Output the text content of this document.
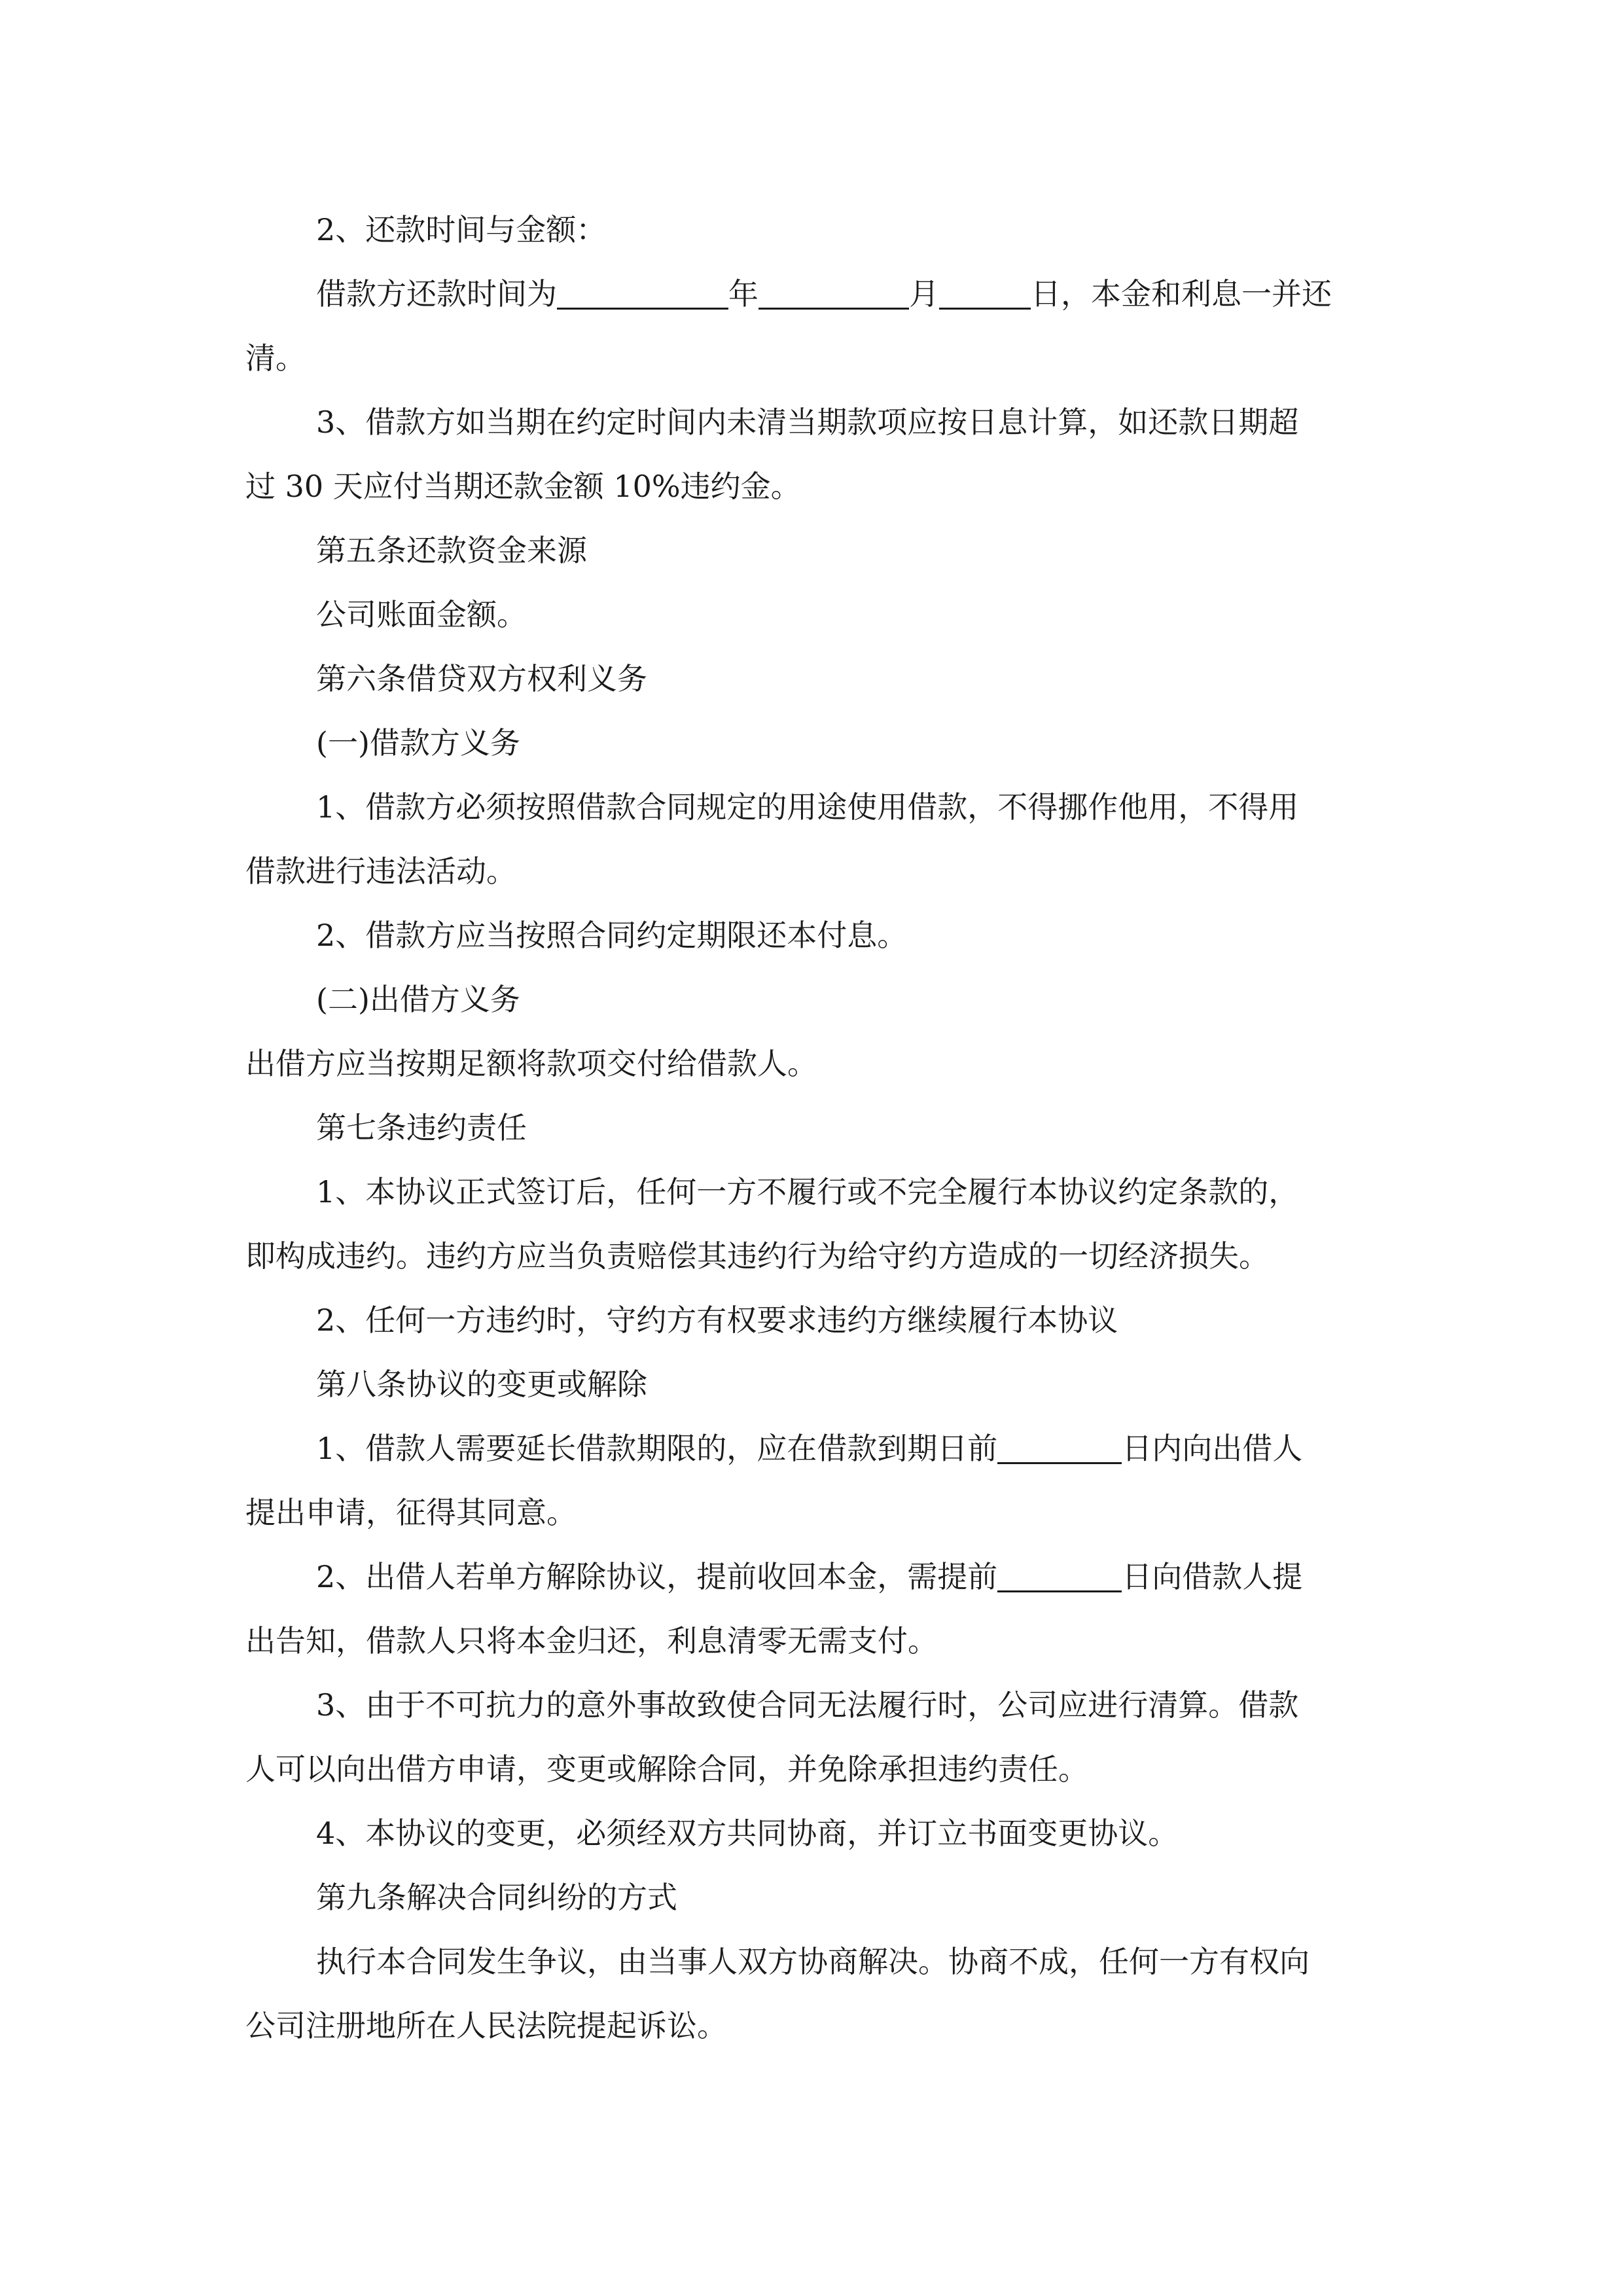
2、还款时间与金额：

借款方还款时间为	年	月	日，本金和利息一并还

清。

3、借款方如当期在约定时间内未清当期款项应按日息计算，如还款日期超

过 30 天应付当期还款金额 10%违约金。

第五条还款资金来源

公司账面金额。

第六条借贷双方权利义务

(一)借款方义务

1、借款方必须按照借款合同规定的用途使用借款，不得挪作他用，不得用

借款进行违法活动。

2、借款方应当按照合同约定期限还本付息。

(二)出借方义务

出借方应当按期足额将款项交付给借款人。

第七条违约责任

1、本协议正式签订后，任何一方不履行或不完全履行本协议约定条款的，

即构成违约。违约方应当负责赔偿其违约行为给守约方造成的一切经济损失。

2、任何一方违约时，守约方有权要求违约方继续履行本协议

第八条协议的变更或解除

1、借款人需要延长借款期限的，应在借款到期日前	日内向出借人

提出申请，征得其同意。

2、出借人若单方解除协议，提前收回本金，需提前	日向借款人提

出告知，借款人只将本金归还，利息清零无需支付。

3、由于不可抗力的意外事故致使合同无法履行时，公司应进行清算。借款

人可以向出借方申请，变更或解除合同，并免除承担违约责任。

4、本协议的变更，必须经双方共同协商，并订立书面变更协议。

第九条解决合同纠纷的方式

执行本合同发生争议，由当事人双方协商解决。协商不成，任何一方有权向

公司注册地所在人民法院提起诉讼。
